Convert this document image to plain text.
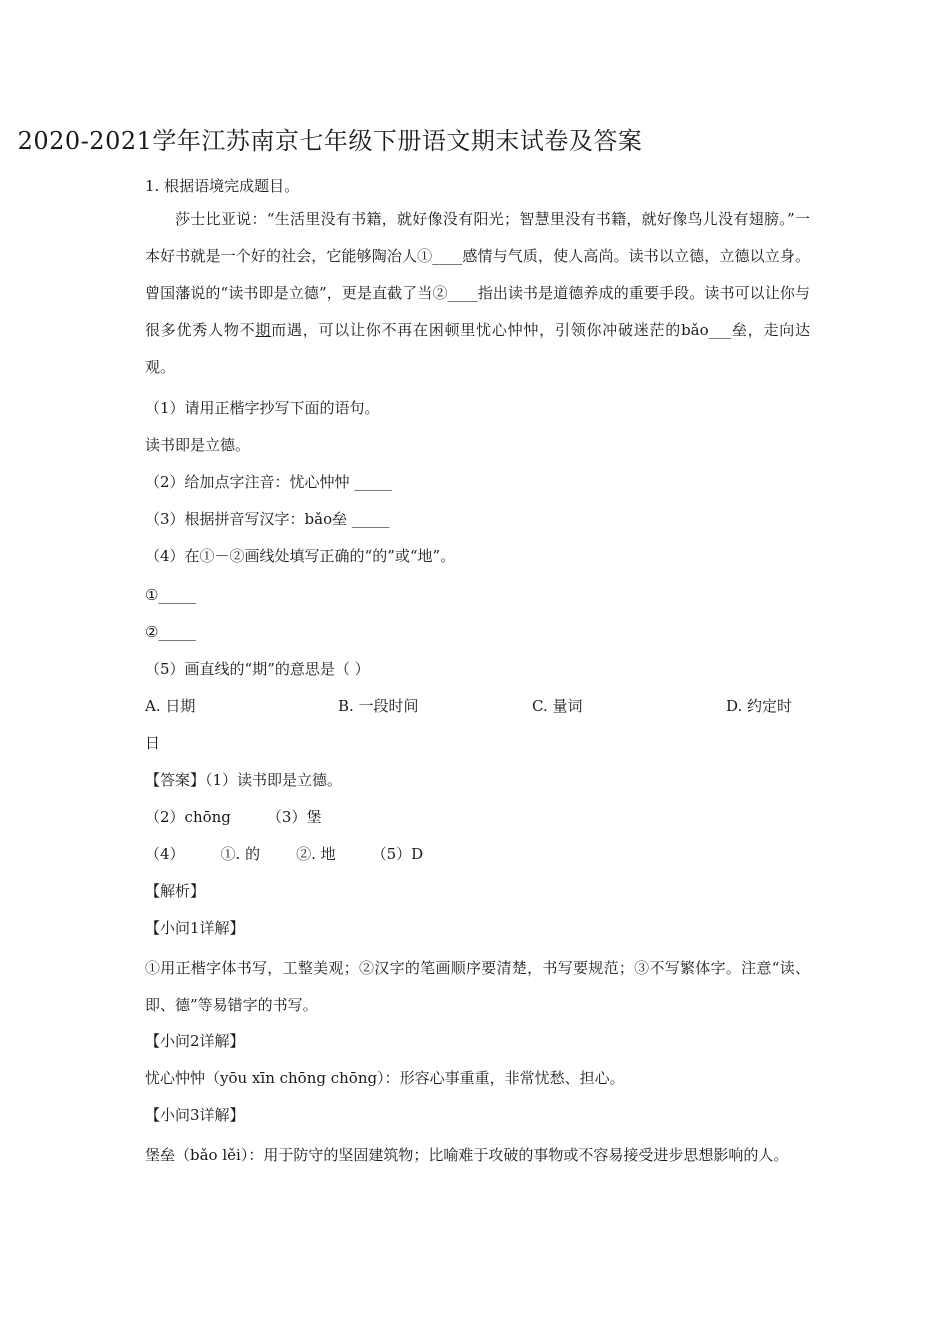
2020-2021学年江苏南京七年级下册语文期末试卷及答案
1. 根据语境完成题目。
莎士比亚说：“生活里没有书籍，就好像没有阳光；智慧里没有书籍，就好像鸟儿没有翅膀。”一本好书就是一个好的社会，它能够陶冶人①____感情与气质，使人高尚。读书以立德，立德以立身。曾国藩说的“读书即是立德”，更是直截了当②____指出读书是道德养成的重要手段。读书可以让你与很多优秀人物不期而遇，可以让你不再在困顿里忧心忡忡，引领你冲破迷茫的bǎo___垒，走向达观。
（1）请用正楷字抄写下面的语句。
读书即是立德。
（2）给加点字注音：忧心忡忡 _____
（3）根据拼音写汉字：bǎo垒 _____
（4）在①－②画线处填写正确的“的”或“地”。
①_____
②_____
（5）画直线的“期”的意思是（ ）
A. 日期	B. 一段时间	C. 量词	D. 约定时
日
【答案】（1）读书即是立德。
（2）chōng （3）堡
（4） ①. 的 ②. 地 （5）D
【解析】
【小问1详解】
①用正楷字体书写，工整美观；②汉字的笔画顺序要清楚，书写要规范；③不写繁体字。注意“读、即、德”等易错字的书写。
【小问2详解】
忧心忡忡（yōu xīn chōng chōng）：形容心事重重，非常忧愁、担心。
【小问3详解】
堡垒（bǎo lěi）：用于防守的坚固建筑物；比喻难于攻破的事物或不容易接受进步思想影响的人。
